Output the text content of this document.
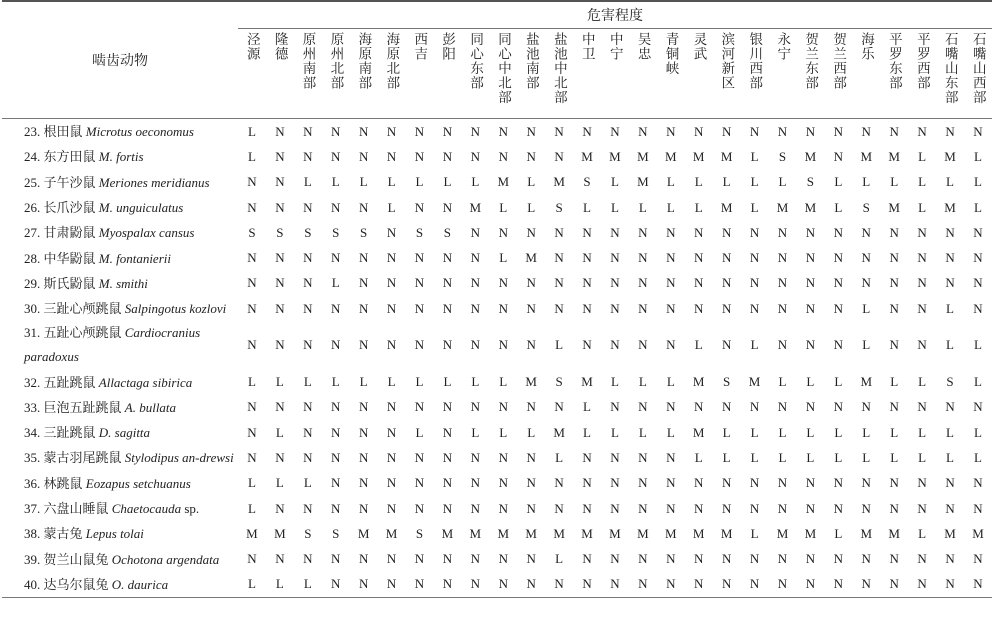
啮齿动物	危害程度																										
	泾源	隆德	原州南部	原州北部	海原南部	海原北部	西吉	彭阳	同心东部	同心中北部	盐池南部	盐池中北部	中卫	中宁	吴忠	青铜峡	灵武	滨河新区	银川西部	永宁	贺兰东部	贺兰西部	海乐	平罗东部	平罗西部	石嘴山东部	石嘴山西部
23. 根田鼠 Microtus oeconomus	L	N	N	N	N	N	N	N	N	N	N	N	N	N	N	N	N	N	N	N	N	N	N	N	N	N	N
24. 东方田鼠 M. fortis	L	N	N	N	N	N	N	N	N	N	N	N	M	M	M	M	M	M	L	S	M	N	M	M	L	M	L
25. 子午沙鼠 Meriones meridianus	N	N	L	L	L	L	L	L	L	M	L	M	S	L	M	L	L	L	L	L	S	L	L	L	L	L	L
26. 长爪沙鼠 M. unguiculatus	N	N	N	N	N	L	N	N	M	L	L	S	L	L	L	L	L	M	L	M	M	L	S	M	L	M	L
27. 甘肃鼢鼠 Myospalax cansus	S	S	S	S	S	N	S	S	N	N	N	N	N	N	N	N	N	N	N	N	N	N	N	N	N	N	N
28. 中华鼢鼠 M. fontanierii	N	N	N	N	N	N	N	N	N	L	M	N	N	N	N	N	N	N	N	N	N	N	N	N	N	N	N
29. 斯氏鼢鼠 M. smithi	N	N	N	L	N	N	N	N	N	N	N	N	N	N	N	N	N	N	N	N	N	N	N	N	N	N	N
30. 三趾心颅跳鼠 Salpingotus kozlovi	N	N	N	N	N	N	N	N	N	N	N	N	N	N	N	N	N	N	N	N	N	N	L	N	N	L	N
31. 五趾心颅跳鼠 Cardiocranius paradoxus	N	N	N	N	N	N	N	N	N	N	N	L	N	N	N	N	L	N	L	N	N	N	L	N	N	L	L
32. 五趾跳鼠 Allactaga sibirica	L	L	L	L	L	L	L	L	L	L	M	S	M	L	L	L	M	S	M	L	L	L	M	L	L	S	L
33. 巨泡五趾跳鼠 A. bullata	N	N	N	N	N	N	N	N	N	N	N	N	L	N	N	N	N	N	N	N	N	N	N	N	N	N	N
34. 三趾跳鼠 D. sagitta	N	L	N	N	N	N	L	N	L	L	L	M	L	L	L	L	M	L	L	L	L	L	L	L	L	L	L
35. 蒙古羽尾跳鼠 Stylodipus an-drewsi	N	N	N	N	N	N	N	N	N	N	N	L	N	N	N	N	L	L	L	L	L	L	L	L	L	L	L
36. 林跳鼠 Eozapus setchuanus	L	L	L	N	N	N	N	N	N	N	N	N	N	N	N	N	N	N	N	N	N	N	N	N	N	N	N
37. 六盘山睡鼠 Chaetocauda sp.	L	N	N	N	N	N	N	N	N	N	N	N	N	N	N	N	N	N	N	N	N	N	N	N	N	N	N
38. 蒙古兔 Lepus tolai	M	M	S	S	M	M	S	M	M	M	M	M	M	M	M	M	M	M	L	M	M	L	M	M	L	M	M
39. 贺兰山鼠兔 Ochotona argendata	N	N	N	N	N	N	N	N	N	N	N	L	N	N	N	N	N	N	N	N	N	N	N	N	N	N	N
40. 达乌尔鼠兔 O. daurica	L	L	L	N	N	N	N	N	N	N	N	N	N	N	N	N	N	N	N	N	N	N	N	N	N	N	N
